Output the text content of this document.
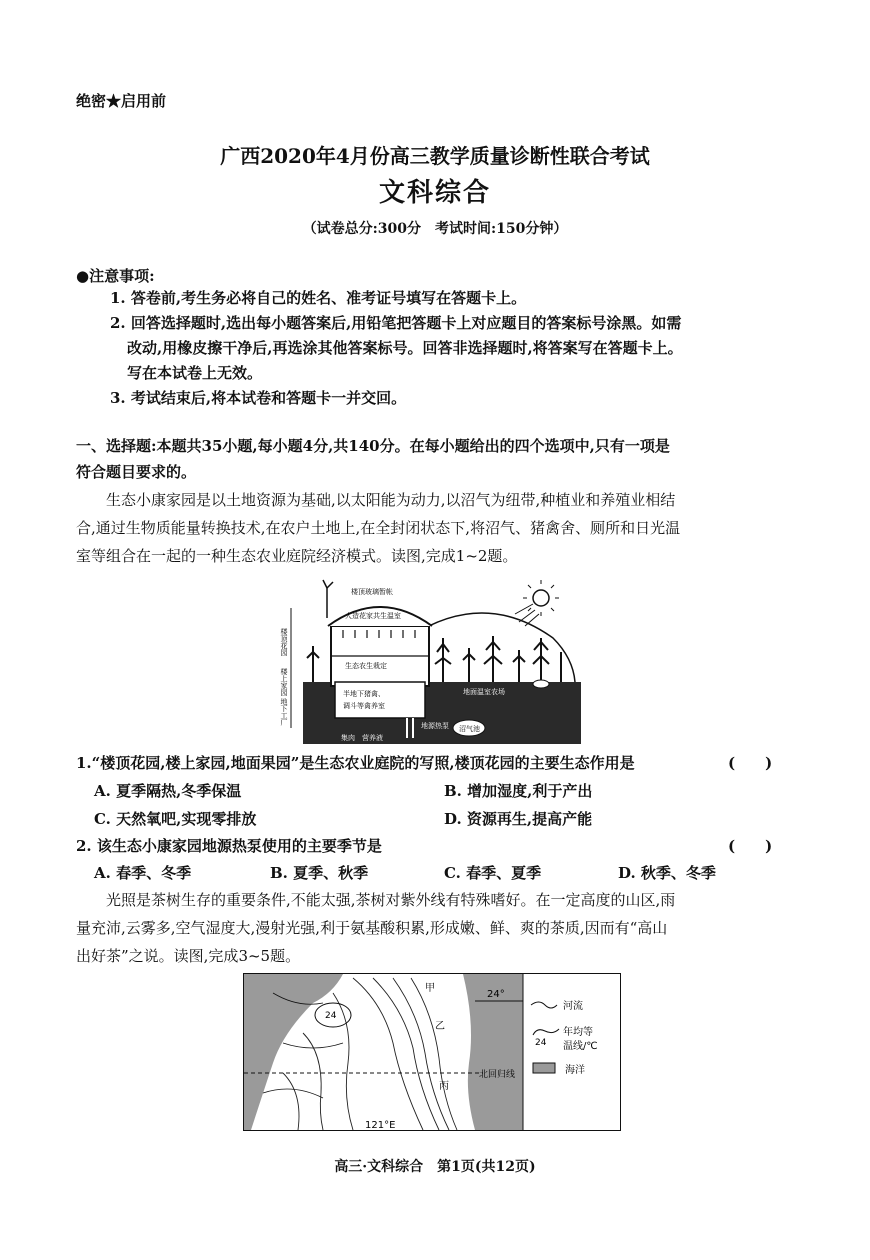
绝密★启用前
广西2020年4月份高三教学质量诊断性联合考试
文科综合
（试卷总分:300分　考试时间:150分钟）
●注意事项:
1. 答卷前,考生务必将自己的姓名、准考证号填写在答题卡上。
2. 回答选择题时,选出每小题答案后,用铅笔把答题卡上对应题目的答案标号涂黑。如需
改动,用橡皮擦干净后,再选涂其他答案标号。回答非选择题时,将答案写在答题卡上。
写在本试卷上无效。
3. 考试结束后,将本试卷和答题卡一并交回。
一、选择题:本题共35小题,每小题4分,共140分。在每小题给出的四个选项中,只有一项是
符合题目要求的。
生态小康家园是以土地资源为基础,以太阳能为动力,以沼气为纽带,种植业和养殖业相结
合,通过生物质能量转换技术,在农户土地上,在全封闭状态下,将沼气、猪禽舍、厕所和日光温
室等组合在一起的一种生态农业庭院经济模式。读图,完成1~2题。
楼顶玻璃暂帐
人造花家共生温室
生态农生栽定
半地下猪禽、
调斗等禽养室
楼顶花园
楼上家园
地下工厂
地面温室农场
地源热泵 沼气池
集肉　营养液
1.“楼顶花园,楼上家园,地面果园”是生态农业庭院的写照,楼顶花园的主要生态作用是	(　　)
A. 夏季隔热,冬季保温	B. 增加湿度,利于产出
C. 天然氧吧,实现零排放	D. 资源再生,提高产能
2. 该生态小康家园地源热泵使用的主要季节是	(　　)
A. 春季、冬季	B. 夏季、秋季	C. 春季、夏季	D. 秋季、冬季
光照是茶树生存的重要条件,不能太强,茶树对紫外线有特殊嗜好。在一定高度的山区,雨
量充沛,云雾多,空气湿度大,漫射光强,利于氨基酸积累,形成嫩、鲜、爽的茶质,因而有“高山
出好茶”之说。读图,完成3~5题。
24
北回归线
24°
121°E
甲
乙
丙
河流
24
年均等
温线/℃
海洋
高三·文科综合　第1页(共12页)
